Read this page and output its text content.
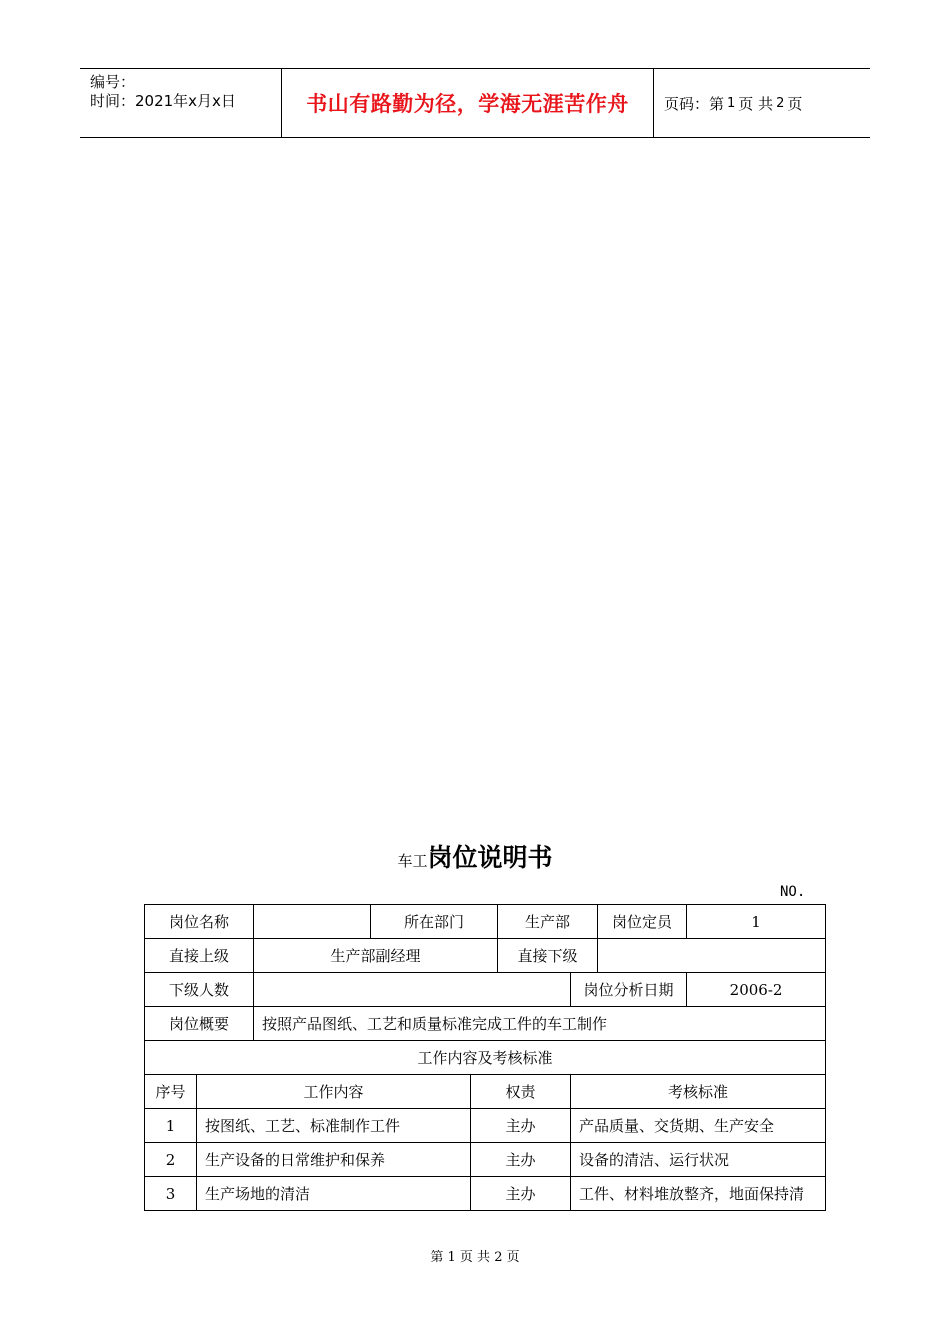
编号：
时间：2021年x月x日	书山有路勤为径，学海无涯苦作舟	页码：第 1 页 共 2 页
车工岗位说明书
NO.
岗位名称			所在部门		生产部		岗位定员	1
直接上级		生产部副经理			直接下级			
下级人数						岗位分析日期		2006-2
岗位概要		按照产品图纸、工艺和质量标准完成工件的车工制作						
工作内容及考核标准								
序号	工作内容			权责		考核标准		
1	按图纸、工艺、标准制作工件			主办		产品质量、交货期、生产安全		
2	生产设备的日常维护和保养			主办		设备的清洁、运行状况		
3	生产场地的清洁			主办		工件、材料堆放整齐，地面保持清		
第 1 页 共 2 页
